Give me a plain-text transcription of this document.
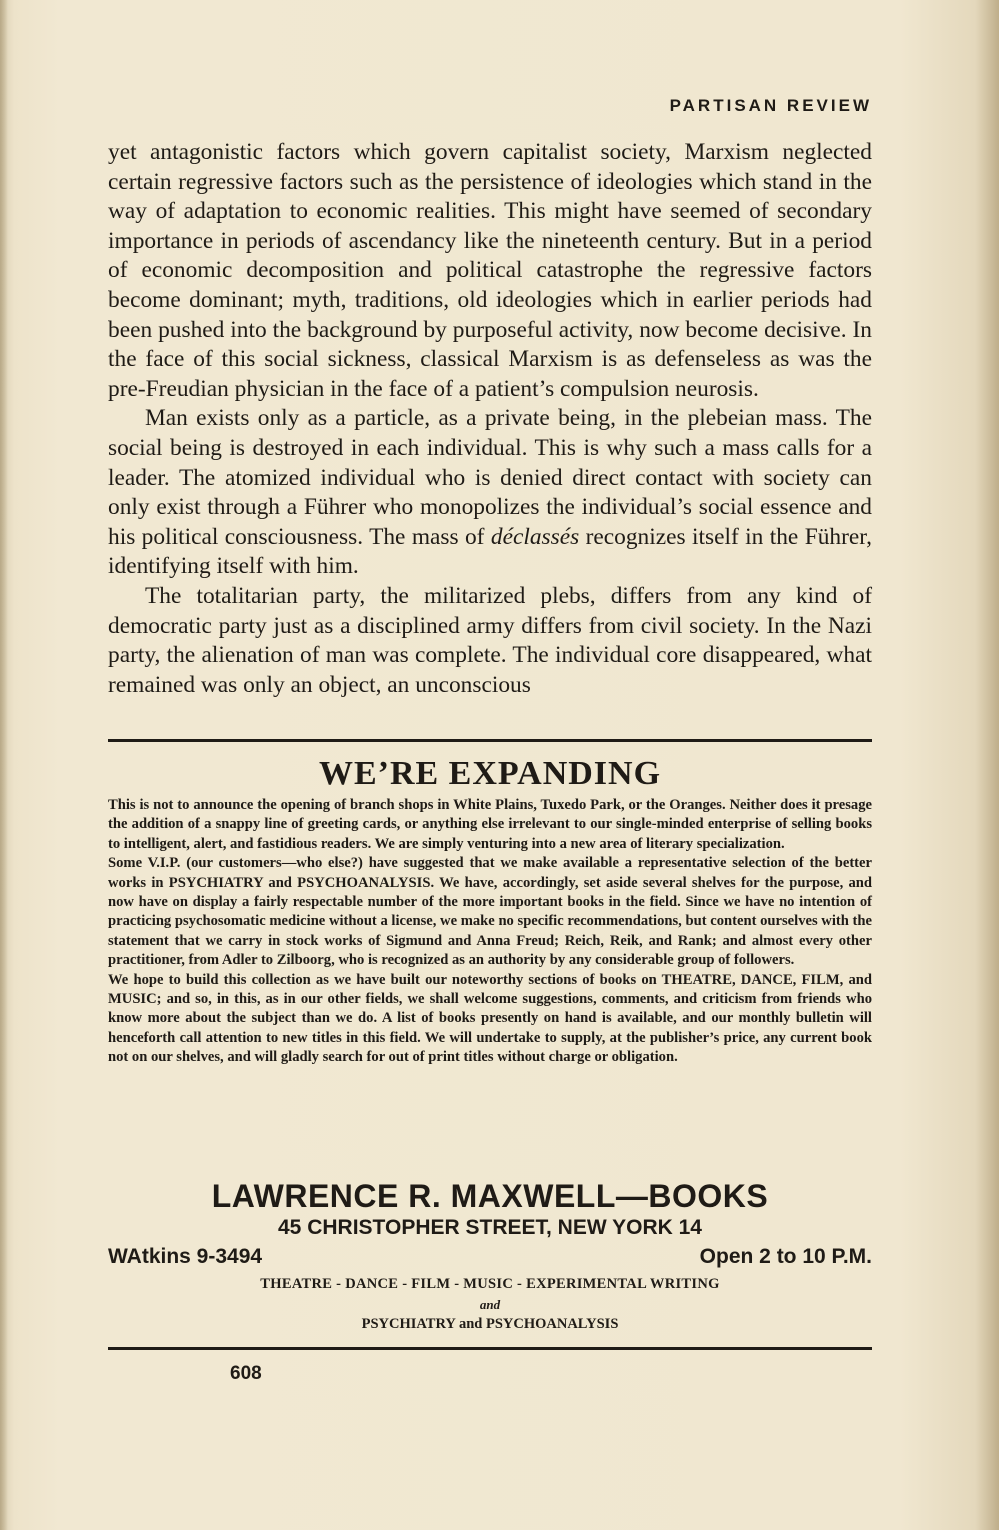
PARTISAN REVIEW

yet antagonistic factors which govern capitalist society, Marxism neglected certain regressive factors such as the persistence of ideologies which stand in the way of adaptation to economic realities. This might have seemed of secondary importance in periods of ascendancy like the nineteenth century. But in a period of economic decomposition and political catastrophe the regressive factors become dominant; myth, traditions, old ideologies which in earlier periods had been pushed into the background by purposeful activity, now become decisive. In the face of this social sickness, classical Marxism is as defenseless as was the pre-Freudian physician in the face of a patient’s compulsion neurosis.

Man exists only as a particle, as a private being, in the plebeian mass. The social being is destroyed in each individual. This is why such a mass calls for a leader. The atomized individual who is denied direct contact with society can only exist through a Führer who monopolizes the individual’s social essence and his political consciousness. The mass of déclassés recognizes itself in the Führer, identifying itself with him.

The totalitarian party, the militarized plebs, differs from any kind of democratic party just as a disciplined army differs from civil society. In the Nazi party, the alienation of man was complete. The individual core disappeared, what remained was only an object, an unconscious

WE’RE EXPANDING

This is not to announce the opening of branch shops in White Plains, Tuxedo Park, or the Oranges. Neither does it presage the addition of a snappy line of greeting cards, or anything else irrelevant to our single-minded enterprise of selling books to intelligent, alert, and fastidious readers. We are simply venturing into a new area of literary specialization.

Some V.I.P. (our customers—who else?) have suggested that we make available a representative selection of the better works in PSYCHIATRY and PSYCHOANALYSIS. We have, accordingly, set aside several shelves for the purpose, and now have on display a fairly respectable number of the more important books in the field. Since we have no intention of practicing psychosomatic medicine without a license, we make no specific recommendations, but content ourselves with the statement that we carry in stock works of Sigmund and Anna Freud; Reich, Reik, and Rank; and almost every other practitioner, from Adler to Zilboorg, who is recognized as an authority by any considerable group of followers.

We hope to build this collection as we have built our noteworthy sections of books on THEATRE, DANCE, FILM, and MUSIC; and so, in this, as in our other fields, we shall welcome suggestions, comments, and criticism from friends who know more about the subject than we do. A list of books presently on hand is available, and our monthly bulletin will henceforth call attention to new titles in this field. We will undertake to supply, at the publisher’s price, any current book not on our shelves, and will gladly search for out of print titles without charge or obligation.

LAWRENCE R. MAXWELL—BOOKS
45 CHRISTOPHER STREET, NEW YORK 14
WAtkins 9-3494	Open 2 to 10 P.M.
THEATRE - DANCE - FILM - MUSIC - EXPERIMENTAL WRITING
and
PSYCHIATRY and PSYCHOANALYSIS
608
